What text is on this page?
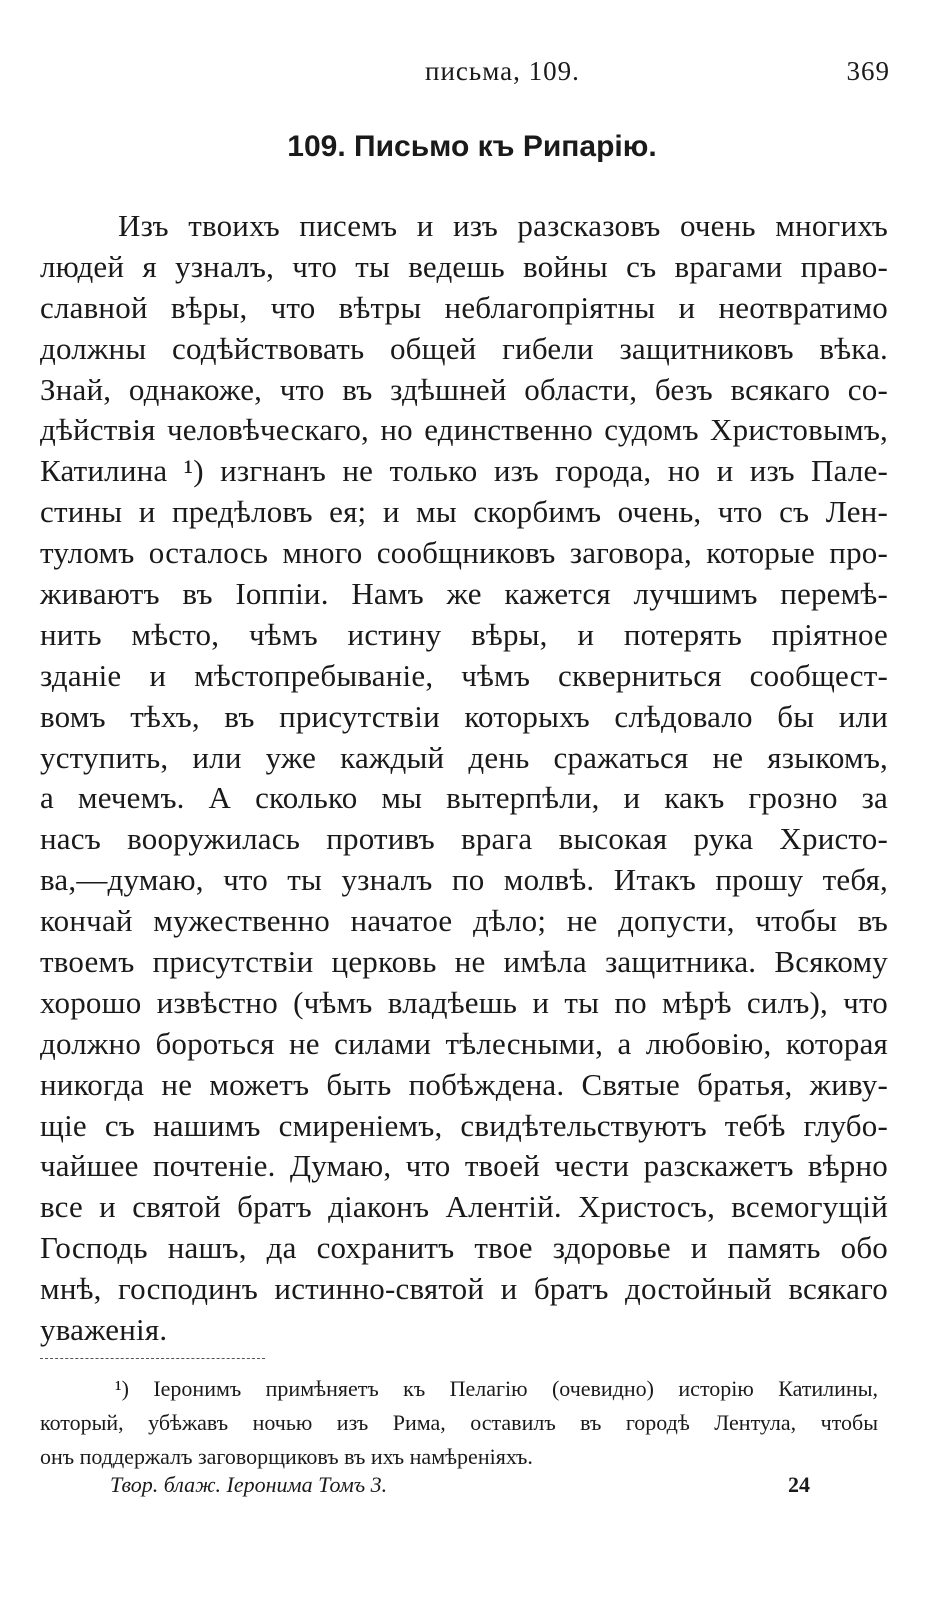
письма, 109.	369
109. Письмо къ Рипарію.
Изъ твоихъ писемъ и изъ разсказовъ очень многихъ
людей я узналъ, что ты ведешь войны съ врагами право-
славной вѣры, что вѣтры неблагопріятны и неотвратимо
должны содѣйствовать общей гибели защитниковъ вѣка.
Знай, однакоже, что въ здѣшней области, безъ всякаго со-
дѣйствія человѣческаго, но единственно судомъ Христовымъ,
Катилина ¹) изгнанъ не только изъ города, но и изъ Пале-
стины и предѣловъ ея; и мы скорбимъ очень, что съ Лен-
туломъ осталось много сообщниковъ заговора, которые про-
живаютъ въ Іоппіи. Намъ же кажется лучшимъ перемѣ-
нить мѣсто, чѣмъ истину вѣры, и потерять пріятное
зданіе и мѣстопребываніе, чѣмъ скверниться сообщест-
вомъ тѣхъ, въ присутствіи которыхъ слѣдовало бы или
уступить, или уже каждый день сражаться не языкомъ,
а мечемъ. А сколько мы вытерпѣли, и какъ грозно за
насъ вооружилась противъ врага высокая рука Христо-
ва,—думаю, что ты узналъ по молвѣ. Итакъ прошу тебя,
кончай мужественно начатое дѣло; не допусти, чтобы въ
твоемъ присутствіи церковь не имѣла защитника. Всякому
хорошо извѣстно (чѣмъ владѣешь и ты по мѣрѣ силъ), что
должно бороться не силами тѣлесными, а любовію, которая
никогда не можетъ быть побѣждена. Святые братья, живу-
щіе съ нашимъ смиреніемъ, свидѣтельствуютъ тебѣ глубо-
чайшее почтеніе. Думаю, что твоей чести разскажетъ вѣрно
все и святой братъ діаконъ Алентій. Христосъ, всемогущій
Господь нашъ, да сохранитъ твое здоровье и память обо
мнѣ, господинъ истинно-святой и братъ достойный всякаго
уваженія.
¹) Іеронимъ примѣняетъ къ Пелагію (очевидно) исторію Катилины,
который, убѣжавъ ночью изъ Рима, оставилъ въ городѣ Лентула, чтобы
онъ поддержалъ заговорщиковъ въ ихъ намѣреніяхъ.
Твор. блаж. Іеронима Томъ 3.	24
